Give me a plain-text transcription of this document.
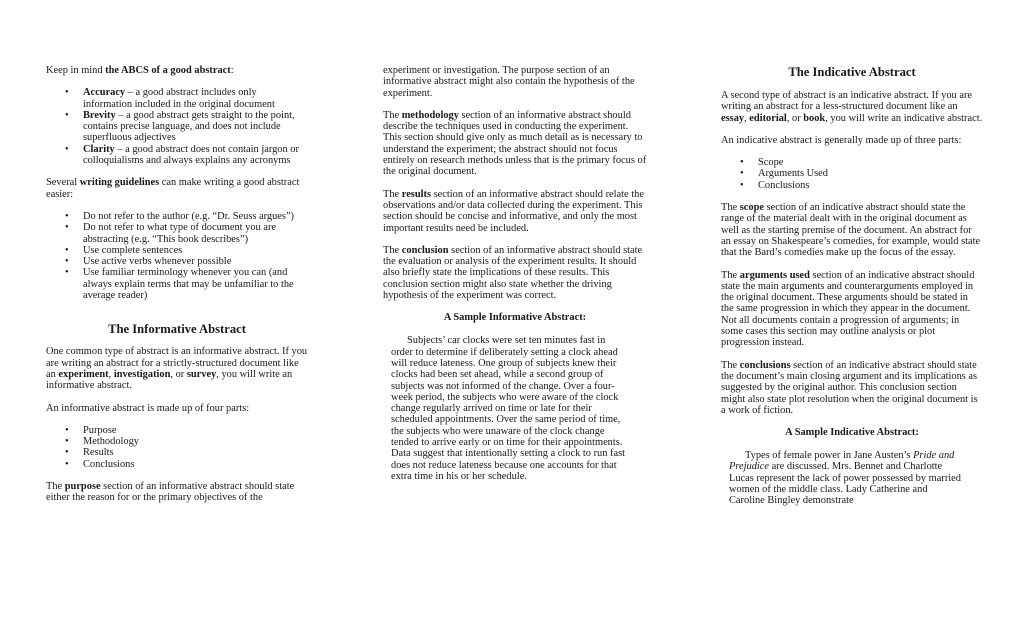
Keep in mind the ABCS of a good abstract:

• Accuracy – a good abstract includes only information included in the original document
• Brevity – a good abstract gets straight to the point, contains precise language, and does not include superfluous adjectives
• Clarity – a good abstract does not contain jargon or colloquialisms and always explains any acronyms

Several writing guidelines can make writing a good abstract easier:

• Do not refer to the author (e.g. “Dr. Seuss argues”)
• Do not refer to what type of document you are abstracting (e.g. “This book describes”)
• Use complete sentences
• Use active verbs whenever possible
• Use familiar terminology whenever you can (and always explain terms that may be unfamiliar to the average reader)
The Informative Abstract

One common type of abstract is an informative abstract. If you are writing an abstract for a strictly-structured document like an experiment, investigation, or survey, you will write an informative abstract.

An informative abstract is made up of four parts:

• Purpose
• Methodology
• Results
• Conclusions

The purpose section of an informative abstract should state either the reason for or the primary objectives of the

experiment or investigation. The purpose section of an informative abstract might also contain the hypothesis of the experiment.

The methodology section of an informative abstract should describe the techniques used in conducting the experiment. This section should give only as much detail as is necessary to understand the experiment; the abstract should not focus entirely on research methods unless that is the primary focus of the original document.

The results section of an informative abstract should relate the observations and/or data collected during the experiment. This section should be concise and informative, and only the most important results need be included.

The conclusion section of an informative abstract should state the evaluation or analysis of the experiment results. It should also briefly state the implications of these results. This conclusion section might also state whether the driving hypothesis of the experiment was correct.

A Sample Informative Abstract:

Subjects’ car clocks were set ten minutes fast in order to determine if deliberately setting a clock ahead will reduce lateness. One group of subjects knew their clocks had been set ahead, while a second group of subjects was not informed of the change. Over a four-week period, the subjects who were aware of the clock change regularly arrived on time or late for their scheduled appointments. Over the same period of time, the subjects who were unaware of the clock change tended to arrive early or on time for their appointments. Data suggest that intentionally setting a clock to run fast does not reduce lateness because one accounts for that extra time in his or her schedule.

The Indicative Abstract

A second type of abstract is an indicative abstract. If you are writing an abstract for a less-structured document like an essay, editorial, or book, you will write an indicative abstract.

An indicative abstract is generally made up of three parts:

• Scope
• Arguments Used
• Conclusions

The scope section of an indicative abstract should state the range of the material dealt with in the original document as well as the starting premise of the document. An abstract for an essay on Shakespeare’s comedies, for example, would state that the Bard’s comedies make up the focus of the essay.

The arguments used section of an indicative abstract should state the main arguments and counterarguments employed in the original document. These arguments should be stated in the same progression in which they appear in the document. Not all documents contain a progression of arguments; in some cases this section may outline analysis or plot progression instead.

The conclusions section of an indicative abstract should state the document’s main closing argument and its implications as suggested by the original author. This conclusion section might also state plot resolution when the original document is a work of fiction.

A Sample Indicative Abstract:

Types of female power in Jane Austen’s Pride and Prejudice are discussed. Mrs. Bennet and Charlotte Lucas represent the lack of power possessed by married women of the middle class. Lady Catherine and Caroline Bingley demonstrate
